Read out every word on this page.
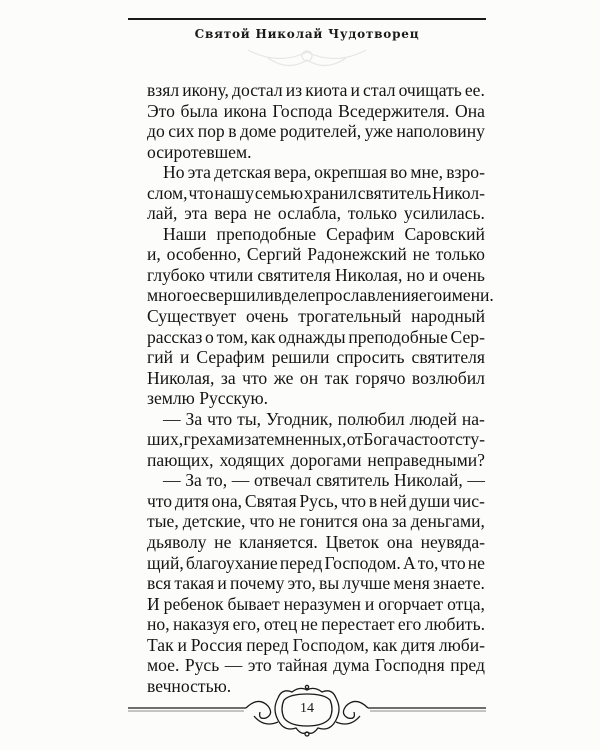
Святой Николай Чудотворец
взял икону, достал из киота и стал очищать ее.
Это была икона Господа Вседержителя. Она
до сих пор в доме родителей, уже наполовину
осиротевшем.
Но эта детская вера, окрепшая во мне, взро-
слом, что нашу семью хранил святитель Никол-
лай, эта вера не ослабла, только усилилась.
Наши преподобные Серафим Саровский
и, особенно, Сергий Радонежский не только
глубоко чтили святителя Николая, но и очень
многое свершили в деле прославления его имени.
Существует очень трогательный народный
рассказ о том, как однажды преподобные Сер-
гий и Серафим решили спросить святителя
Николая, за что же он так горячо возлюбил
землю Русскую.
— За что ты, Угодник, полюбил людей на-
ших, грехами затемненных, от Бога часто отсту-
пающих, ходящих дорогами неправедными?
— За то, — отвечал святитель Николай, —
что дитя она, Святая Русь, что в ней души чис-
тые, детские, что не гонится она за деньгами,
дьяволу не кланяется. Цветок она неувяда-
щий, благоухание перед Господом. А то, что не
вся такая и почему это, вы лучше меня знаете.
И ребенок бывает неразумен и огорчает отца,
но, наказуя его, отец не перестает его любить.
Так и Россия перед Господом, как дитя люби-
мое. Русь — это тайная дума Господня пред
вечностью.
14
